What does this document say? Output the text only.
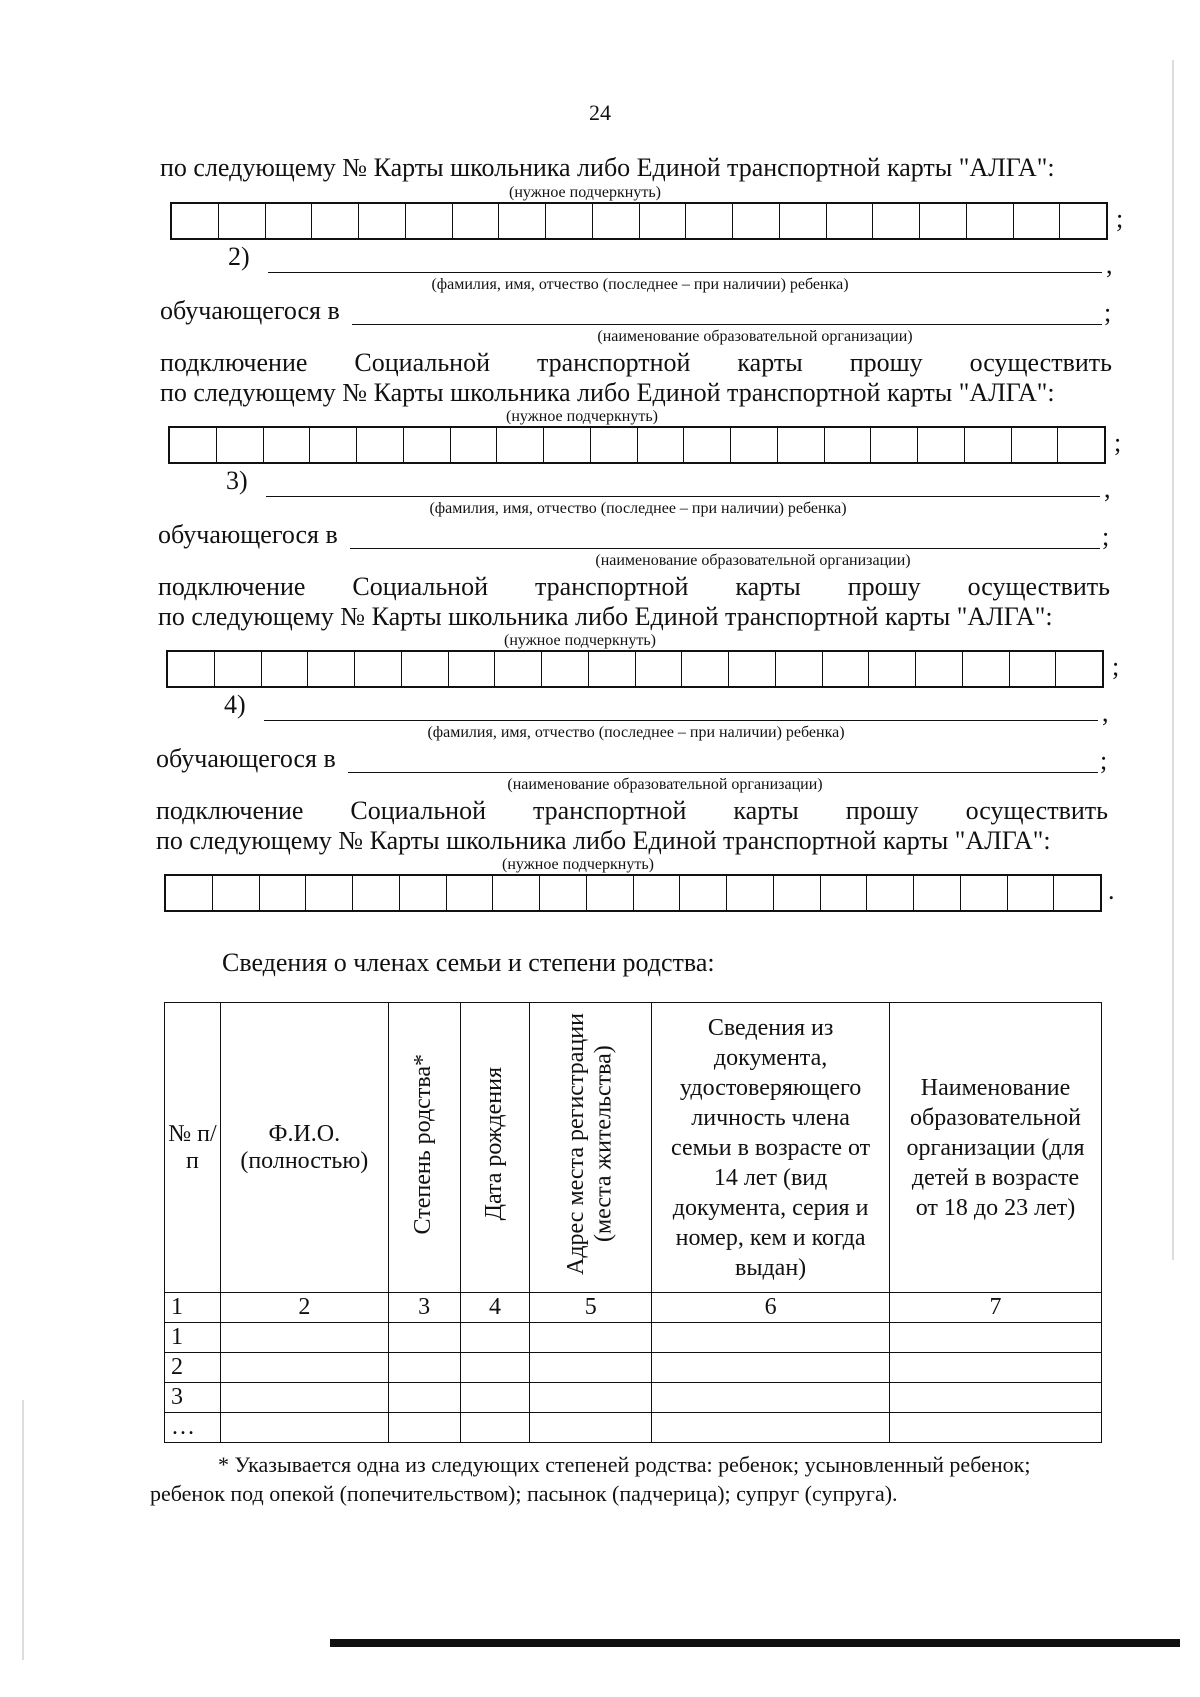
24
по следующему № Карты школьника либо Единой транспортной карты "АЛГА":
(нужное подчеркнуть)
;
2)	,
(фамилия, имя, отчество (последнее – при наличии) ребенка)
обучающегося в	;
(наименование образовательной организации)
подключение Социальной транспортной карты прошу осуществить
по следующему № Карты школьника либо Единой транспортной карты "АЛГА":
(нужное подчеркнуть)
;
3)	,
(фамилия, имя, отчество (последнее – при наличии) ребенка)
обучающегося в	;
(наименование образовательной организации)
подключение Социальной транспортной карты прошу осуществить
по следующему № Карты школьника либо Единой транспортной карты "АЛГА":
(нужное подчеркнуть)
;
4)	,
(фамилия, имя, отчество (последнее – при наличии) ребенка)
обучающегося в	;
(наименование образовательной организации)
подключение Социальной транспортной карты прошу осуществить
по следующему № Карты школьника либо Единой транспортной карты "АЛГА":
(нужное подчеркнуть)
.
Сведения о членах семьи и степени родства:
№ п/п	Ф.И.О. (полностью)	Степень родства*	Дата рождения	Адрес места регистрации (места жительства)	Сведения из документа, удостоверяющего личность члена семьи в возрасте от 14 лет (вид документа, серия и номер, кем и когда выдан)	Наименование образовательной организации (для детей в возрасте от 18 до 23 лет)
1	2	3	4	5	6	7
1						
2						
3						
…						
* Указывается одна из следующих степеней родства: ребенок; усыновленный ребенок;
ребенок под опекой (попечительством); пасынок (падчерица); супруг (супруга).
